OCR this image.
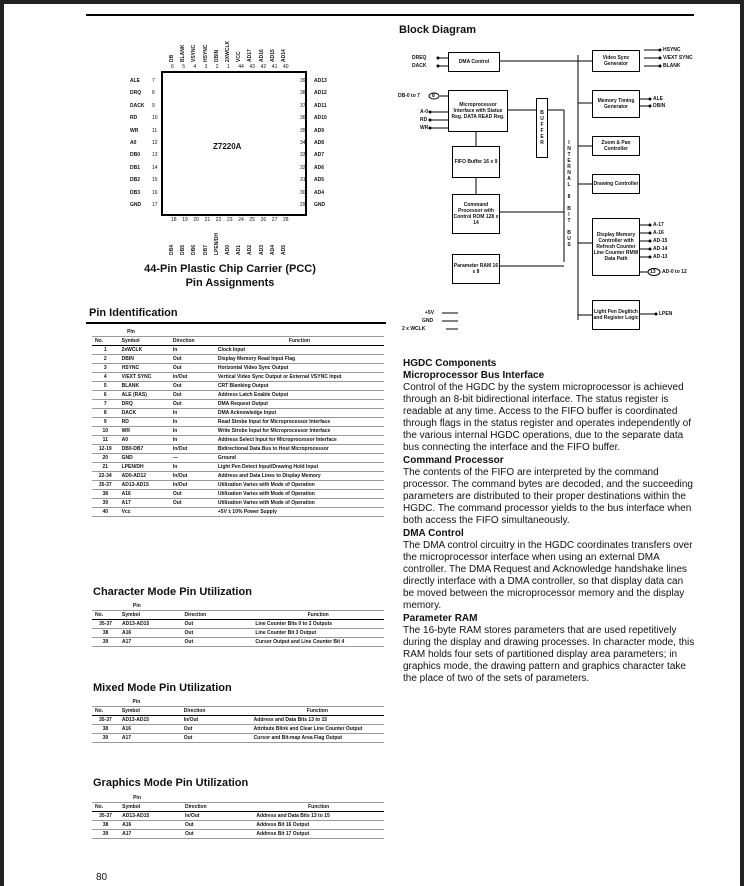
Z7220A
44-Pin Plastic Chip Carrier (PCC)
Pin Assignments
Pin Identification
Pin			
No.	Symbol	Direction	Function
1	2xWCLK	In	Clock Input
2	DBIN	Out	Display Memory Read Input Flag
3	HSYNC	Out	Horizontal Video Sync Output
4	V/EXT SYNC	In/Out	Vertical Video Sync Output or External VSYNC Input
5	BLANK	Out	CRT Blanking Output
6	ALE (RAS)	Out	Address Latch Enable Output
7	DRQ	Out	DMA Request Output
8	DACK	In	DMA Acknowledge Input
9	RD	In	Read Strobe Input for Microprocessor Interface
10	WR	In	Write Strobe Input for Microprocessor Interface
11	A0	In	Address Select Input for Microprocessor Interface
12-19	DB0-DB7	In/Out	Bidirectional Data Bus to Host Microprocessor
20	GND	—	Ground
21	LPEN/DH	In	Light Pen Detect Input/Drawing Hold Input
22-34	AD0-AD12	In/Out	Address and Data Lines to Display Memory
35-37	AD13-AD15	In/Out	Utilization Varies with Mode of Operation
38	A16	Out	Utilization Varies with Mode of Operation
39	A17	Out	Utilization Varies with Mode of Operation
40	Vcc		+5V ± 10% Power Supply
Character Mode Pin Utilization
Pin			
No.	Symbol	Direction	Function
35-37	AD13-AD15	Out	Line Counter Bits 0 to 2 Outputs
38	A16	Out	Line Counter Bit 3 Output
39	A17	Out	Cursor Output and Line Counter Bit 4
Mixed Mode Pin Utilization
Pin			
No.	Symbol	Direction	Function
35-37	AD13-AD15	In/Out	Address and Data Bits 13 to 15
38	A16	Out	Attribute Blink and Clear Line Counter Output
39	A17	Out	Cursor and Bit-map Area Flag Output
Graphics Mode Pin Utilization
Pin			
No.	Symbol	Direction	Function
35-37	AD13-AD15	In/Out	Address and Data Bits 13 to 15
38	A16	Out	Address Bit 16 Output
39	A17	Out	Address Bit 17 Output
Block Diagram
DMA Control
Microprocessor Interface with Status Reg. DATA READ Reg.
FIFO Buffer 16 x 9
Command Processor with Control ROM 128 x 14
Parameter RAM 16 x 8
BUFFER
INTERNAL 8 BIT BUS
Video Sync Generator
Memory Timing Generator
Zoom & Pan Controller
Drawing Controller
Display Memory Controller with Refresh Counter Line Counter RMW Data Path
Light Pen Deglitch and Register Logic
DREQ
DACK
DB-0 to 7 8
A-0
RD
WR
HSYNC
V/EXT SYNC
BLANK
ALE
DBIN
A-17
A-16
AD-15
AD-14
AD-13
13 AD-0 to 12
LPEN
+5V
GND
2 x WCLK
HGDC Components
Microprocessor Bus Interface

Control of the HGDC by the system microprocessor is achieved through an 8-bit bidirectional interface. The status register is readable at any time. Access to the FIFO buffer is coordinated through flags in the status register and operates independently of the various internal HGDC operations, due to the separate data bus connecting the interface and the FIFO buffer.

Command Processor

The contents of the FIFO are interpreted by the command processor. The command bytes are decoded, and the succeeding parameters are distributed to their proper destinations within the HGDC. The command processor yields to the bus interface when both access the FIFO simultaneously.

DMA Control

The DMA control circuitry in the HGDC coordinates transfers over the microprocessor interface when using an external DMA controller. The DMA Request and Acknowledge handshake lines directly interface with a DMA controller, so that display data can be moved between the microprocessor memory and the display memory.

Parameter RAM

The 16-byte RAM stores parameters that are used repetitively during the display and drawing processes. In character mode, this RAM holds four sets of partitioned display area parameters; in graphics mode, the drawing pattern and graphics character take the place of two of the sets of parameters.

80
6 5 4 3 2 1 44 43 42 41 40
DB BLANK VSYNC HSYNC DBIN 2XWCLK VCC AD17 AD16 AD15 AD14
7
8
9
10
11
12
13
14
15
16
17
ALE
DRQ
DACK
RD
WR
A0
DB0
DB1
DB2
DB3
GND
39
38
37
36
35
34
33
32
31
30
29
AD13
AD12
AD11
AD10
AD9
AD8
AD7
AD6
AD5
AD4
GND
18 19 20 21 22 23 24 25 26 27 28
DB4 DB5 DB6 DB7 LPEN/DH AD0 AD1 AD2 AD3 AD4 AD5
